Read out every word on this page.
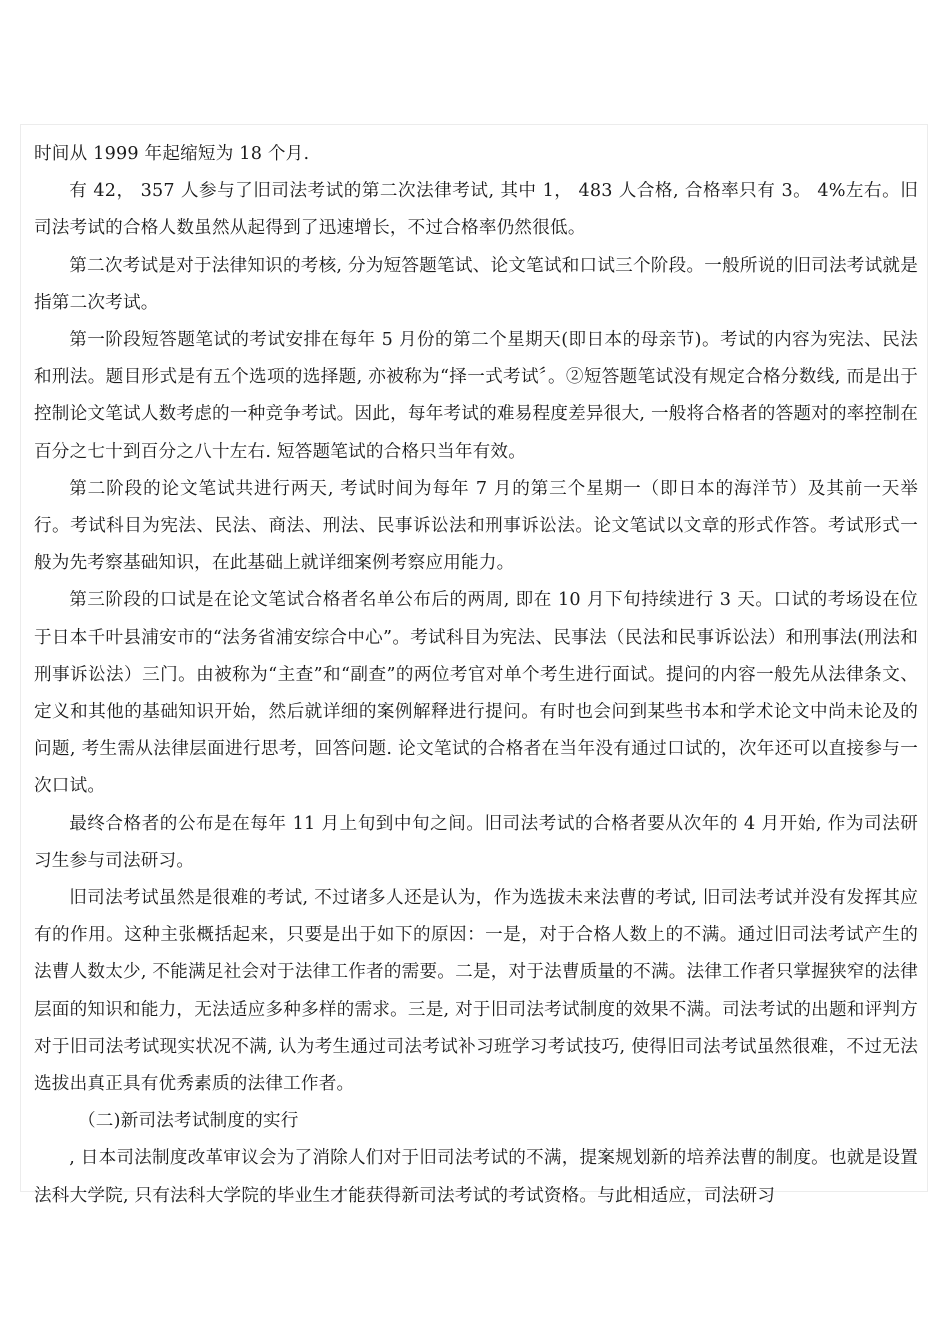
时间从 1999 年起缩短为 18 个月.

有 42， 357 人参与了旧司法考试的第二次法律考试, 其中 1， 483 人合格, 合格率只有 3。 4%左右。旧司法考试的合格人数虽然从起得到了迅速增长，不过合格率仍然很低。

第二次考试是对于法律知识的考核, 分为短答题笔试、论文笔试和口试三个阶段。一般所说的旧司法考试就是指第二次考试。

第一阶段短答题笔试的考试安排在每年 5 月份的第二个星期天(即日本的母亲节)。考试的内容为宪法、民法和刑法。题目形式是有五个选项的选择题, 亦被称为“择一式考试〞。②短答题笔试没有规定合格分数线, 而是出于控制论文笔试人数考虑的一种竞争考试。因此，每年考试的难易程度差异很大, 一般将合格者的答题对的率控制在百分之七十到百分之八十左右. 短答题笔试的合格只当年有效。

第二阶段的论文笔试共进行两天, 考试时间为每年 7 月的第三个星期一（即日本的海洋节）及其前一天举行。考试科目为宪法、民法、商法、刑法、民事诉讼法和刑事诉讼法。论文笔试以文章的形式作答。考试形式一般为先考察基础知识，在此基础上就详细案例考察应用能力。

第三阶段的口试是在论文笔试合格者名单公布后的两周, 即在 10 月下旬持续进行 3 天。口试的考场设在位于日本千叶县浦安市的“法务省浦安综合中心”。考试科目为宪法、民事法（民法和民事诉讼法）和刑事法(刑法和刑事诉讼法）三门。由被称为“主查”和“副查”的两位考官对单个考生进行面试。提问的内容一般先从法律条文、定义和其他的基础知识开始，然后就详细的案例解释进行提问。有时也会问到某些书本和学术论文中尚未论及的问题, 考生需从法律层面进行思考，回答问题. 论文笔试的合格者在当年没有通过口试的，次年还可以直接参与一次口试。

最终合格者的公布是在每年 11 月上旬到中旬之间。旧司法考试的合格者要从次年的 4 月开始, 作为司法研习生参与司法研习。

旧司法考试虽然是很难的考试, 不过诸多人还是认为，作为选拔未来法曹的考试, 旧司法考试并没有发挥其应有的作用。这种主张概括起来，只要是出于如下的原因：一是，对于合格人数上的不满。通过旧司法考试产生的法曹人数太少, 不能满足社会对于法律工作者的需要。二是，对于法曹质量的不满。法律工作者只掌握狭窄的法律层面的知识和能力，无法适应多种多样的需求。三是, 对于旧司法考试制度的效果不满。司法考试的出题和评判方对于旧司法考试现实状况不满, 认为考生通过司法考试补习班学习考试技巧, 使得旧司法考试虽然很难，不过无法选拔出真正具有优秀素质的法律工作者。

（二)新司法考试制度的实行

, 日本司法制度改革审议会为了消除人们对于旧司法考试的不满，提案规划新的培养法曹的制度。也就是设置法科大学院, 只有法科大学院的毕业生才能获得新司法考试的考试资格。与此相适应，司法研习
